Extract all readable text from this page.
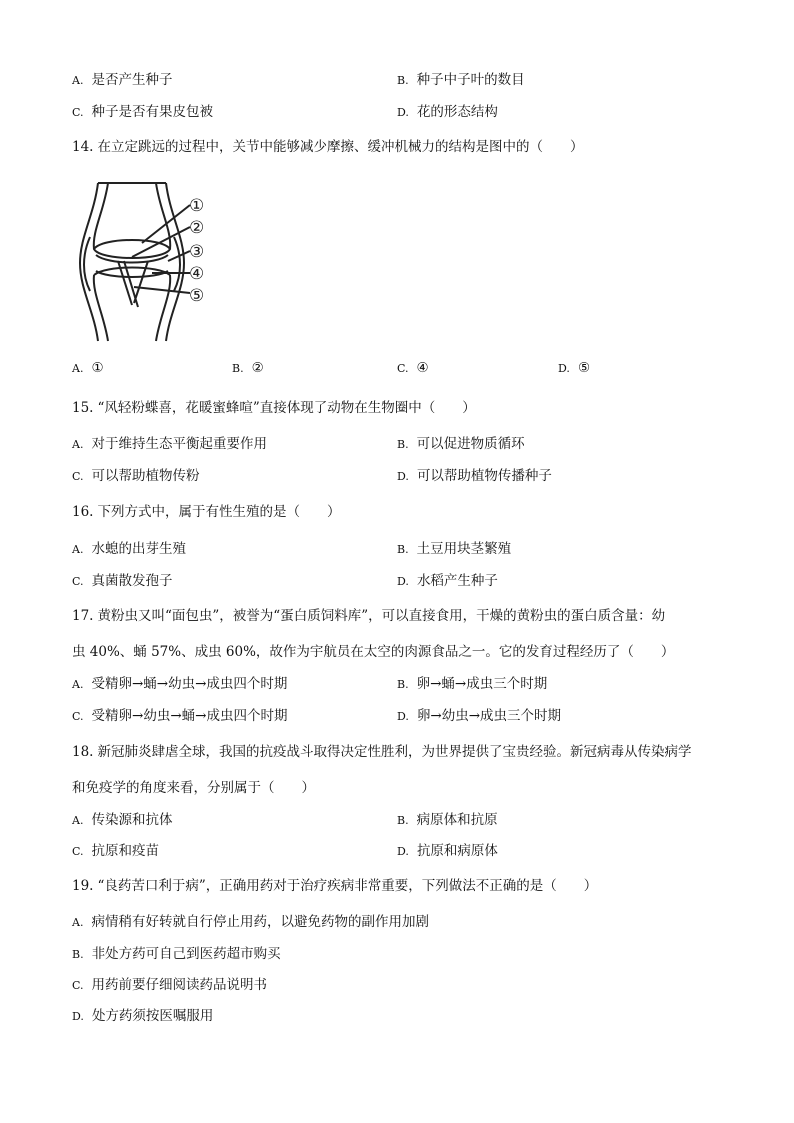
A. 是否产生种子	B. 种子中子叶的数目
C. 种子是否有果皮包被	D. 花的形态结构
14. 在立定跳远的过程中，关节中能够减少摩擦、缓冲机械力的结构是图中的（　　）
①
②
③
④
⑤
A. ①	B. ②	C. ④	D. ⑤
15. “风轻粉蝶喜，花暖蜜蜂喧”直接体现了动物在生物圈中（　　）
A. 对于维持生态平衡起重要作用	B. 可以促进物质循环
C. 可以帮助植物传粉	D. 可以帮助植物传播种子
16. 下列方式中，属于有性生殖的是（　　）
A. 水螅的出芽生殖	B. 土豆用块茎繁殖
C. 真菌散发孢子	D. 水稻产生种子
17. 黄粉虫又叫“面包虫”，被誉为“蛋白质饲料库”，可以直接食用，干燥的黄粉虫的蛋白质含量：幼
虫 40%、蛹 57%、成虫 60%，故作为宇航员在太空的肉源食品之一。它的发育过程经历了（　　）
A. 受精卵→蛹→幼虫→成虫四个时期	B. 卵→蛹→成虫三个时期
C. 受精卵→幼虫→蛹→成虫四个时期	D. 卵→幼虫→成虫三个时期
18. 新冠肺炎肆虐全球，我国的抗疫战斗取得决定性胜利，为世界提供了宝贵经验。新冠病毒从传染病学
和免疫学的角度来看，分别属于（　　）
A. 传染源和抗体	B. 病原体和抗原
C. 抗原和疫苗	D. 抗原和病原体
19. “良药苦口利于病”，正确用药对于治疗疾病非常重要，下列做法不正确的是（　　）
A. 病情稍有好转就自行停止用药，以避免药物的副作用加剧
B. 非处方药可自己到医药超市购买
C. 用药前要仔细阅读药品说明书
D. 处方药须按医嘱服用
